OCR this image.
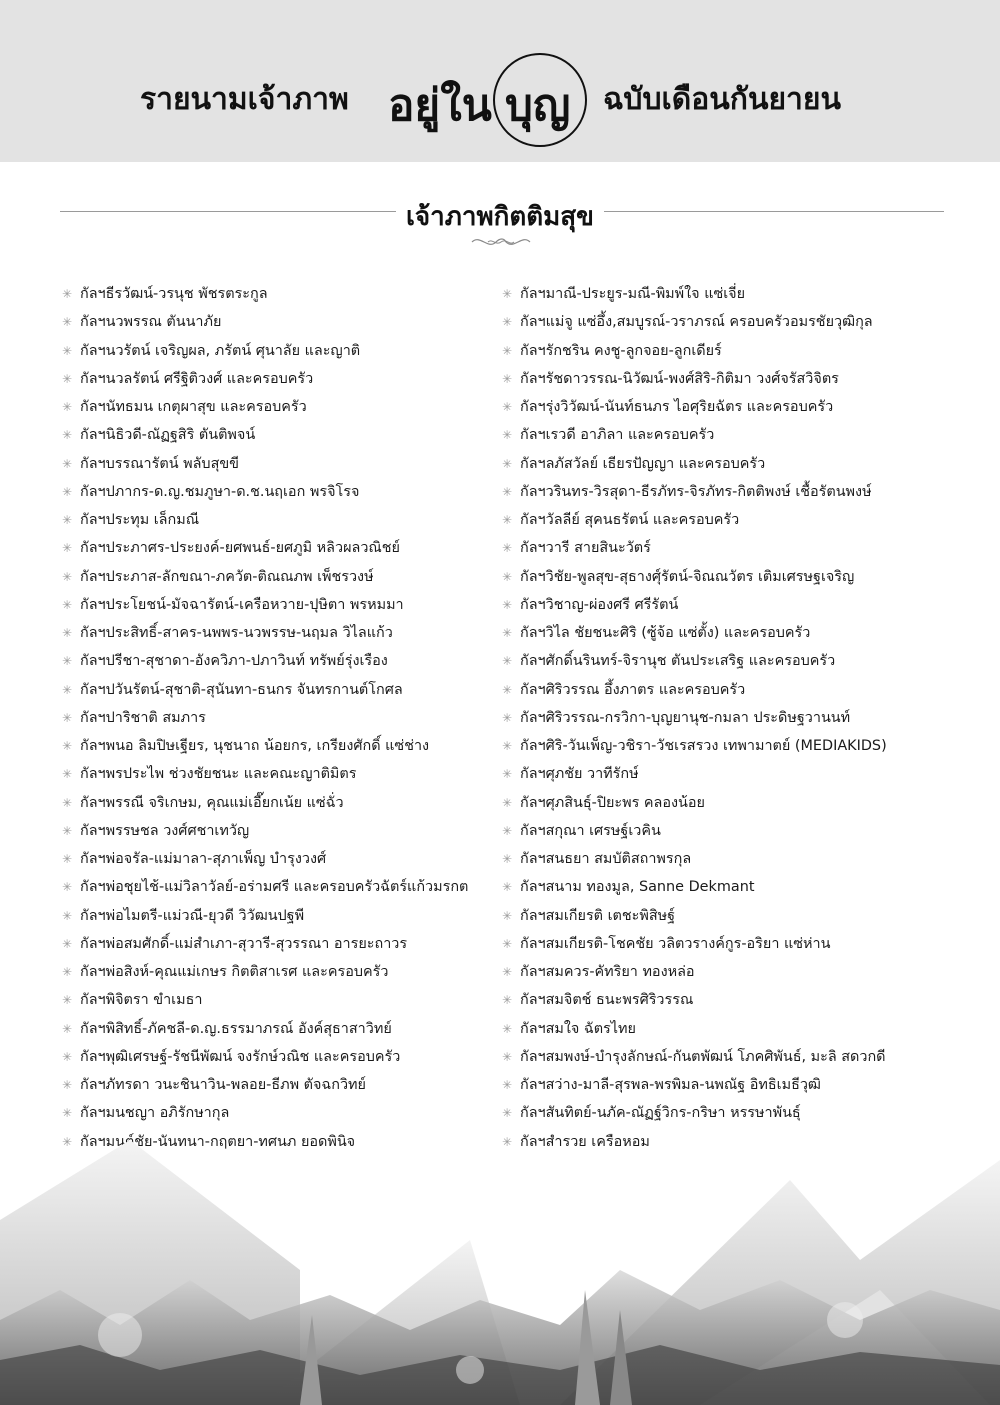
รายนามเจ้าภาพ อยู่ใน บุญ ฉบับเดือนกันยายน
เจ้าภาพกิตติมสุข
✳ กัลฯธีรวัฒน์-วรนุช พัชรตระกูล
✳ กัลฯนวพรรณ ตันนาภัย
✳ กัลฯนวรัตน์ เจริญผล, ภรัตน์ ศุนาลัย และญาติ
✳ กัลฯนวลรัตน์ ศรีฐิติวงศ์ และครอบครัว
✳ กัลฯนัทธมน เกตุผาสุข และครอบครัว
✳ กัลฯนิธิวดี-ณัฏฐสิริ ตันติพจน์
✳ กัลฯบรรณารัตน์ พลับสุขขี
✳ กัลฯปภากร-ด.ญ.ชมภูษา-ด.ช.นฤเอก พรจิโรจ
✳ กัลฯประทุม เล็กมณี
✳ กัลฯประภาศร-ประยงค์-ยศพนธ์-ยศภูมิ หลิวผลวณิชย์
✳ กัลฯประภาส-ลักขณา-ภควัต-ติณณภพ เพ็ชรวงษ์
✳ กัลฯประโยชน์-มัจฉารัตน์-เครือหวาย-ปุษิตา พรหมมา
✳ กัลฯประสิทธิ์-สาคร-นพพร-นวพรรษ-นฤมล วิไลแก้ว
✳ กัลฯปรีชา-สุชาดา-อังควิภา-ปภาวินท์ ทรัพย์รุ่งเรือง
✳ กัลฯปวันรัตน์-สุชาติ-สุนันทา-ธนกร จันทรกานต์โกศล
✳ กัลฯปาริชาติ สมภาร
✳ กัลฯพนอ ลิมปิษเฐียร, นุชนาถ น้อยกร, เกรียงศักดิ์ แซ่ช่าง
✳ กัลฯพรประไพ ช่วงชัยชนะ และคณะญาติมิตร
✳ กัลฯพรรณี จริเกษม, คุณแม่เอี๊ยกเน้ย แซ่ฉั่ว
✳ กัลฯพรรษชล วงศ์ศชาเทวัญ
✳ กัลฯพ่อจรัล-แม่มาลา-สุภาเพ็ญ บำรุงวงศ์
✳ กัลฯพ่อชุยไช้-แม่วิลาวัลย์-อร่ามศรี และครอบครัวฉัตร์แก้วมรกต
✳ กัลฯพ่อไมตรี-แม่วณี-ยุวดี วิวัฒนปฐพี
✳ กัลฯพ่อสมศักดิ์-แม่สำเภา-สุวารี-สุวรรณา อารยะถาวร
✳ กัลฯพ่อสิงห์-คุณแม่เกษร กิตติสาเรศ และครอบครัว
✳ กัลฯพิจิตรา ขำเมธา
✳ กัลฯพิสิทธิ์-ภัคชลี-ด.ญ.ธรรมาภรณ์ อังค์สุธาสาวิทย์
✳ กัลฯพุฒิเศรษฐ์-รัชนีพัฒน์ จงรักษ์วณิช และครอบครัว
✳ กัลฯภัทรดา วนะชินาวิน-พลอย-ธีภพ ตัจฉกวิทย์
✳ กัลฯมนชญา อภิรักษากุล
✳ กัลฯมนต์ชัย-นันทนา-กฤตยา-ทศนภ ยอดพินิจ
✳ กัลฯมาณี-ประยูร-มณี-พิมพ์ใจ แซ่เจี่ย
✳ กัลฯแม่จู แซ่อึ้ง,สมบูรณ์-วราภรณ์ ครอบครัวอมรชัยวุฒิกุล
✳ กัลฯรักชริน คงชู-ลูกจอย-ลูกเดียร์
✳ กัลฯรัชดาวรรณ-นิวัฒน์-พงศ์สิริ-กิติมา วงศ์จรัสวิจิตร
✳ กัลฯรุ่งวิวัฒน์-นันท์ธนภร ไอศุริยฉัตร และครอบครัว
✳ กัลฯเรวดี อาภิลา และครอบครัว
✳ กัลฯลภัสวัลย์ เธียรปัญญา และครอบครัว
✳ กัลฯวรินทร-วิรสุดา-ธีรภัทร-จิรภัทร-กิตติพงษ์ เชื้อรัตนพงษ์
✳ กัลฯวัลลีย์ สุคนธรัตน์ และครอบครัว
✳ กัลฯวารี สายสินะวัตร์
✳ กัลฯวิชัย-พูลสุข-สุธางศุ์รัตน์-จิณณวัตร เติมเศรษฐเจริญ
✳ กัลฯวิชาญ-ผ่องศรี ศรีรัตน์
✳ กัลฯวิไล ชัยชนะศิริ (ซู้จ้อ แซ่ตั้ง) และครอบครัว
✳ กัลฯศักดิ์นรินทร์-จิรานุช ตันประเสริฐ และครอบครัว
✳ กัลฯศิริวรรณ อึ้งภาตร และครอบครัว
✳ กัลฯศิริวรรณ-กรวิกา-บุญยานุช-กมลา ประดิษฐวานนท์
✳ กัลฯศิริ-วันเพ็ญ-วชิรา-วัชเรสรวง เทพามาตย์ (MEDIAKIDS)
✳ กัลฯศุภชัย วาทีรักษ์
✳ กัลฯศุภสินธุ์-ปิยะพร คลองน้อย
✳ กัลฯสกุณา เศรษฐ์เวคิน
✳ กัลฯสนธยา สมบัติสถาพรกุล
✳ กัลฯสนาม ทองมูล, Sanne Dekmant
✳ กัลฯสมเกียรติ เตชะพิสิษฐ์
✳ กัลฯสมเกียรติ-โชคชัย วลิตวรางค์กูร-อริยา แซ่ห่าน
✳ กัลฯสมควร-คัทริยา ทองหล่อ
✳ กัลฯสมจิตช์ ธนะพรศิริวรรณ
✳ กัลฯสมใจ ฉัตรไทย
✳ กัลฯสมพงษ์-บำรุงลักษณ์-กันตพัฒน์ โภคศิพันธ์, มะลิ สดวกดี
✳ กัลฯสว่าง-มาลี-สุรพล-พรพิมล-นพณัฐ อิทธิเมธีวุฒิ
✳ กัลฯสันทิตย์-นภัค-ณัฏฐ์วิกร-กริษา หรรษาพันธุ์
✳ กัลฯสำรวย เครือหอม
